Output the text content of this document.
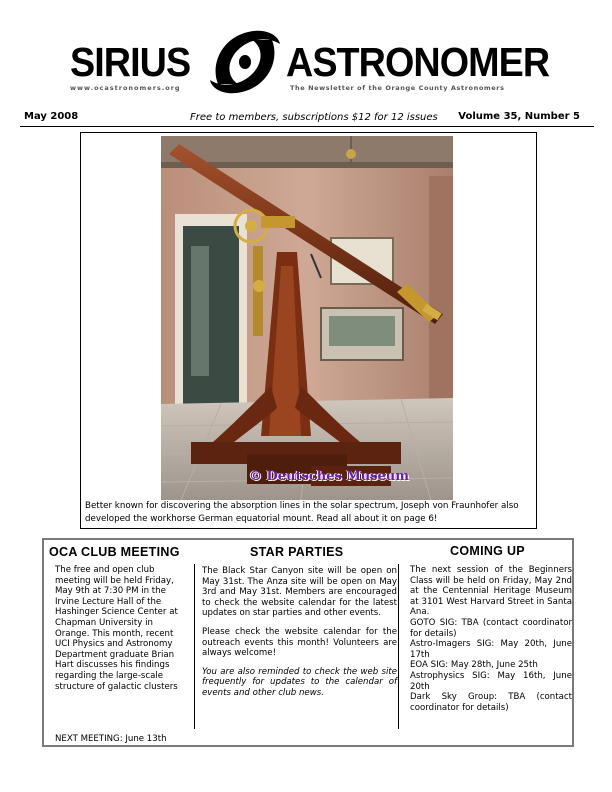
SIRIUS ASTRONOMER
www.ocastronomers.org	The Newsletter of the Orange County Astronomers
May 2008	Free to members, subscriptions $12 for 12 issues Volume 35, Number 5
© Deutsches Museum
Better known for discovering the absorption lines in the solar spectrum, Joseph von Fraunhofer also developed the workhorse German equatorial mount. Read all about it on page 6!
OCA CLUB MEETING
The free and open club meeting will be held Friday, May 9th at 7:30 PM in the Irvine Lecture Hall of the Hashinger Science Center at Chapman University in Orange. This month, recent UCI Physics and Astronomy Department graduate Brian Hart discusses his findings regarding the large-scale structure of galactic clusters
NEXT MEETING: June 13th
STAR PARTIES

The Black Star Canyon site will be open on May 31st. The Anza site will be open on May 3rd and May 31st. Members are encouraged to check the website calendar for the latest updates on star parties and other events.

Please check the website calendar for the outreach events this month! Volunteers are always welcome!

You are also reminded to check the web site frequently for updates to the calendar of events and other club news.

COMING UP
The next session of the Beginners Class will be held on Friday, May 2nd at the Centennial Heritage Museum at 3101 West Harvard Street in Santa Ana.
GOTO SIG: TBA (contact coordinator for details)
Astro-Imagers SIG: May 20th, June 17th
EOA SIG: May 28th, June 25th
Astrophysics SIG: May 16th, June 20th
Dark Sky Group: TBA (contact coordinator for details)
